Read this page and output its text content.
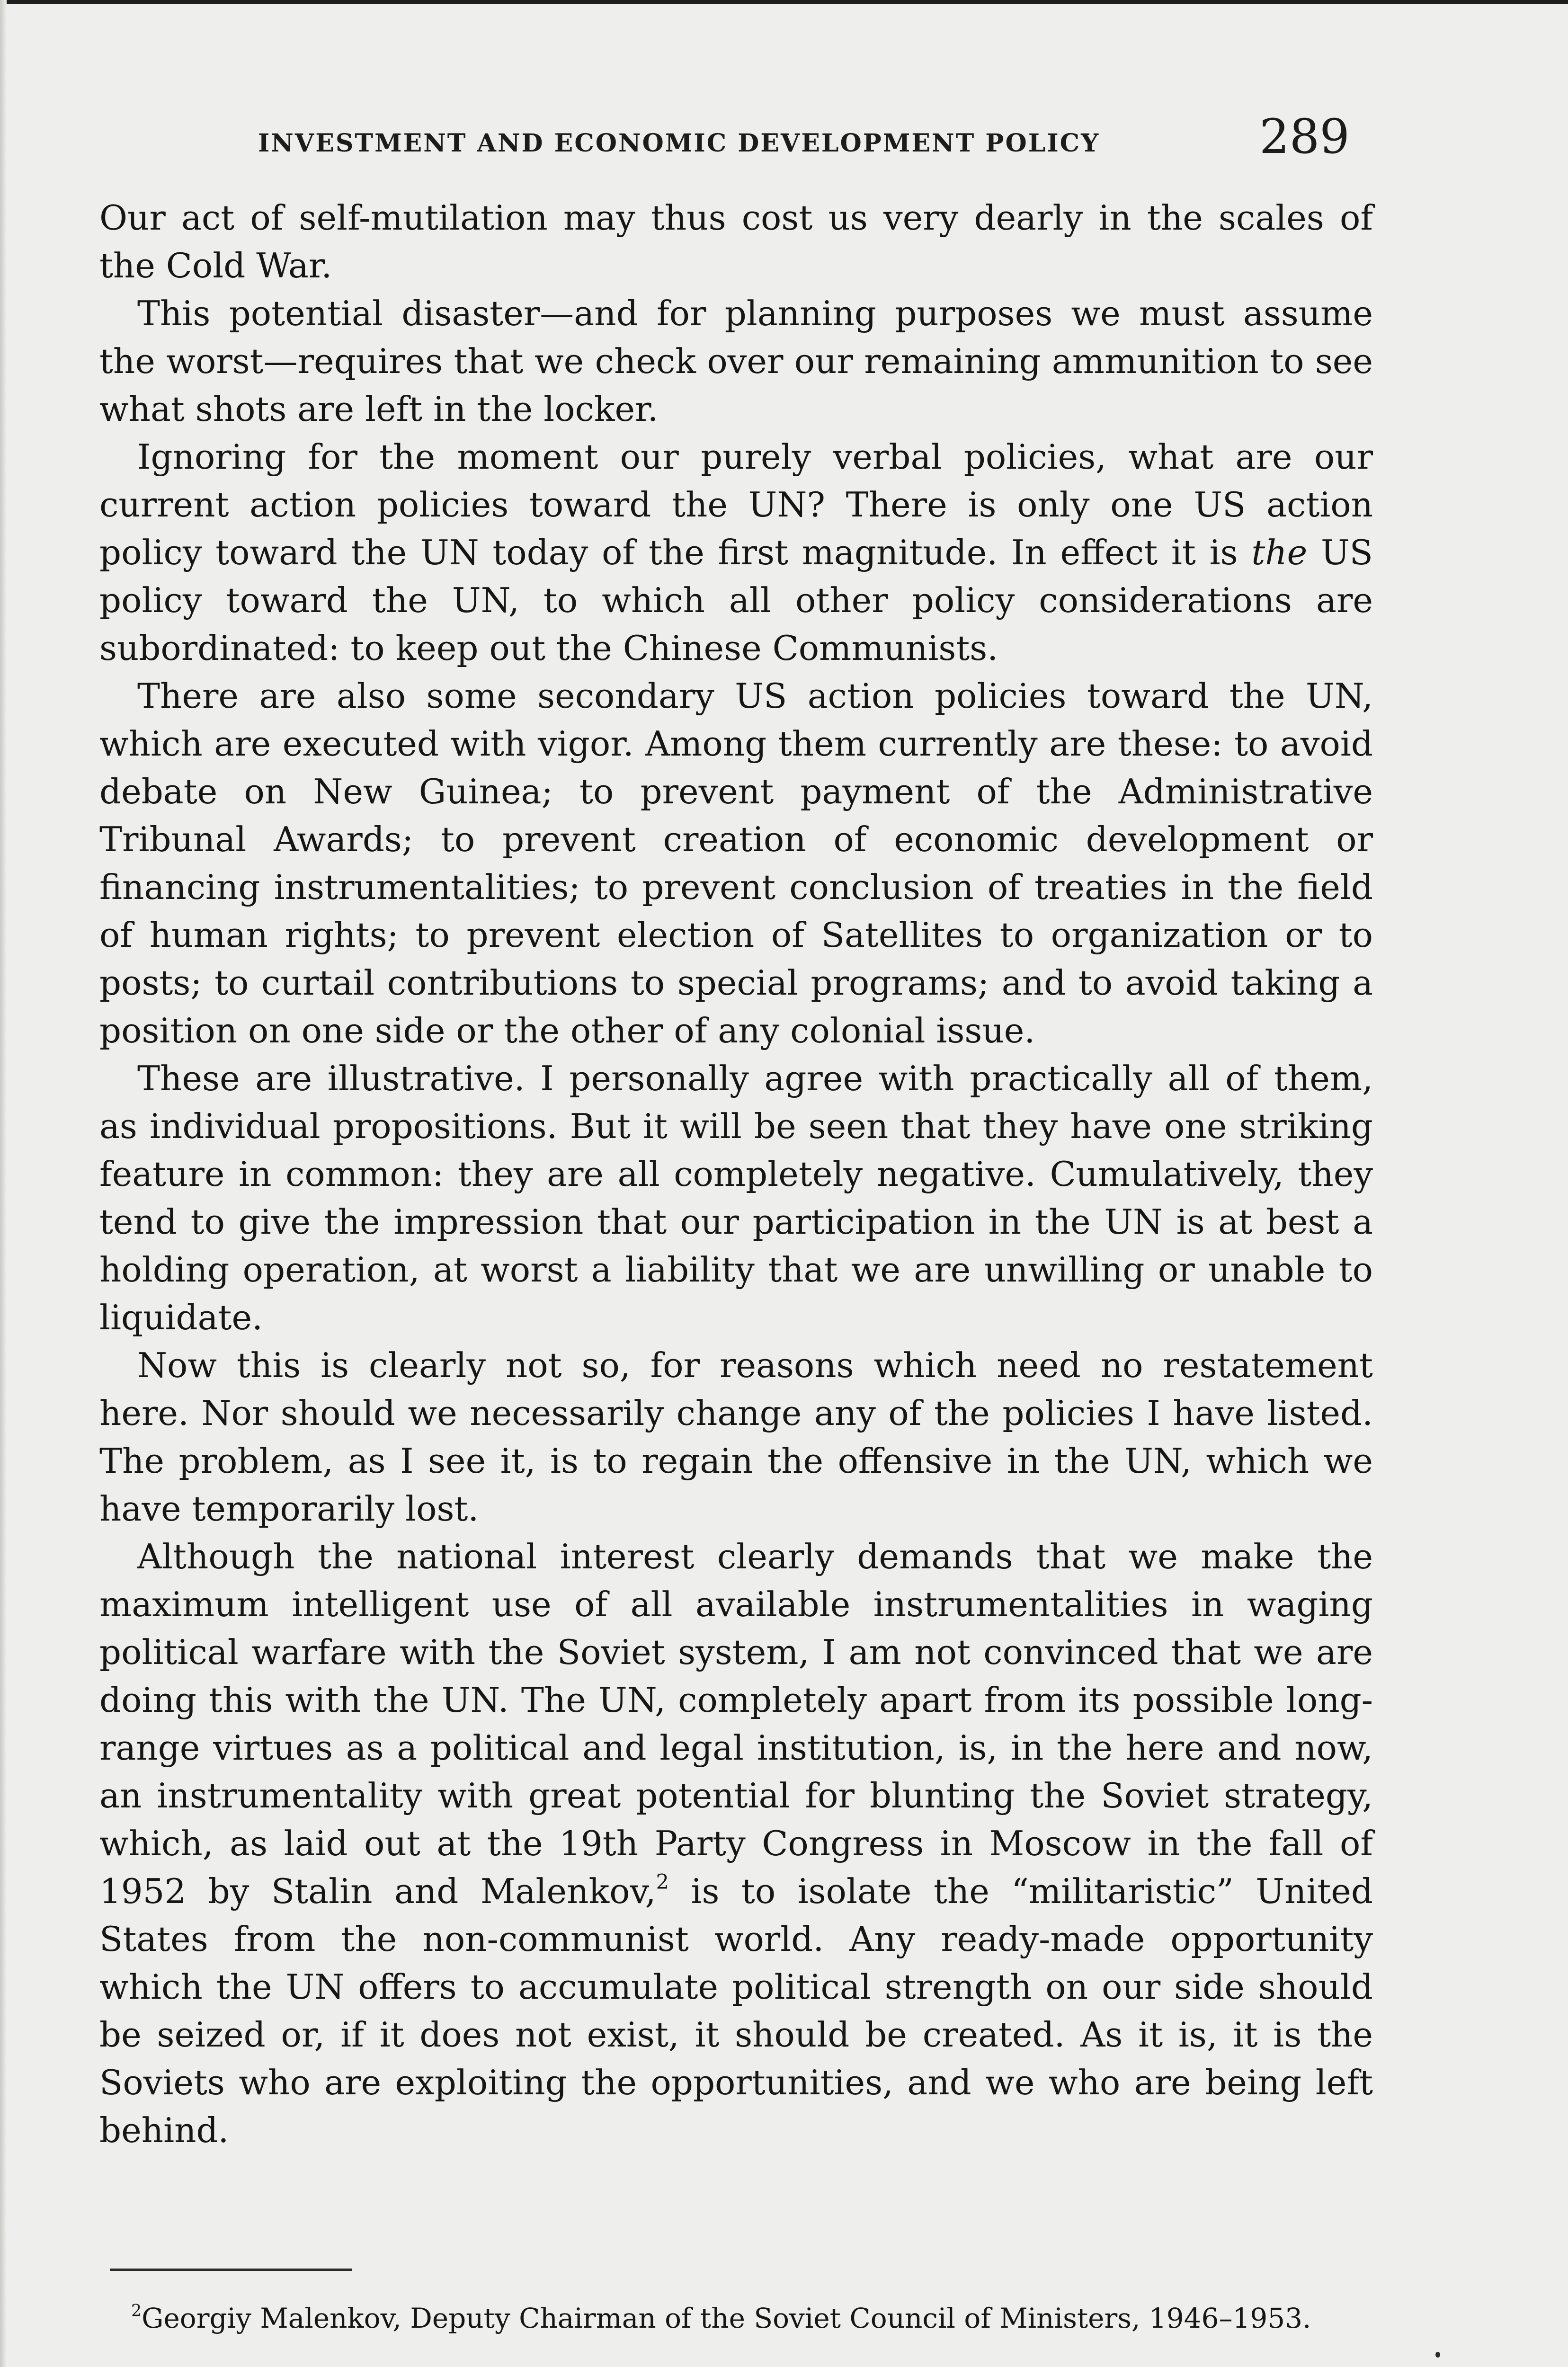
INVESTMENT AND ECONOMIC DEVELOPMENT POLICY	289

Our act of self-mutilation may thus cost us very dearly in the scales of the Cold War.

This potential disaster—and for planning purposes we must assume the worst—requires that we check over our remaining ammunition to see what shots are left in the locker.

Ignoring for the moment our purely verbal policies, what are our current action policies toward the UN? There is only one US action policy toward the UN today of the first magnitude. In effect it is the US policy toward the UN, to which all other policy considerations are subordinated: to keep out the Chinese Communists.

There are also some secondary US action policies toward the UN, which are executed with vigor. Among them currently are these: to avoid debate on New Guinea; to prevent payment of the Administrative Tribunal Awards; to prevent creation of economic development or financing instrumentalities; to prevent conclusion of treaties in the field of human rights; to prevent election of Satellites to organization or to posts; to curtail contributions to special programs; and to avoid taking a position on one side or the other of any colonial issue.

These are illustrative. I personally agree with practically all of them, as individual propositions. But it will be seen that they have one striking feature in common: they are all completely negative. Cumulatively, they tend to give the impression that our participation in the UN is at best a holding operation, at worst a liability that we are unwilling or unable to liquidate.

Now this is clearly not so, for reasons which need no restatement here. Nor should we necessarily change any of the policies I have listed. The problem, as I see it, is to regain the offensive in the UN, which we have temporarily lost.

Although the national interest clearly demands that we make the maximum intelligent use of all available instrumentalities in waging political warfare with the Soviet system, I am not convinced that we are doing this with the UN. The UN, completely apart from its possible long-range virtues as a political and legal institution, is, in the here and now, an instrumentality with great potential for blunting the Soviet strategy, which, as laid out at the 19th Party Congress in Moscow in the fall of 1952 by Stalin and Malenkov,$^2$ is to isolate the “militaristic” United States from the non-communist world. Any ready-made opportunity which the UN offers to accumulate political strength on our side should be seized or, if it does not exist, it should be created. As it is, it is the Soviets who are exploiting the opportunities, and we who are being left behind.

$^2$Georgiy Malenkov, Deputy Chairman of the Soviet Council of Ministers, 1946–1953.
